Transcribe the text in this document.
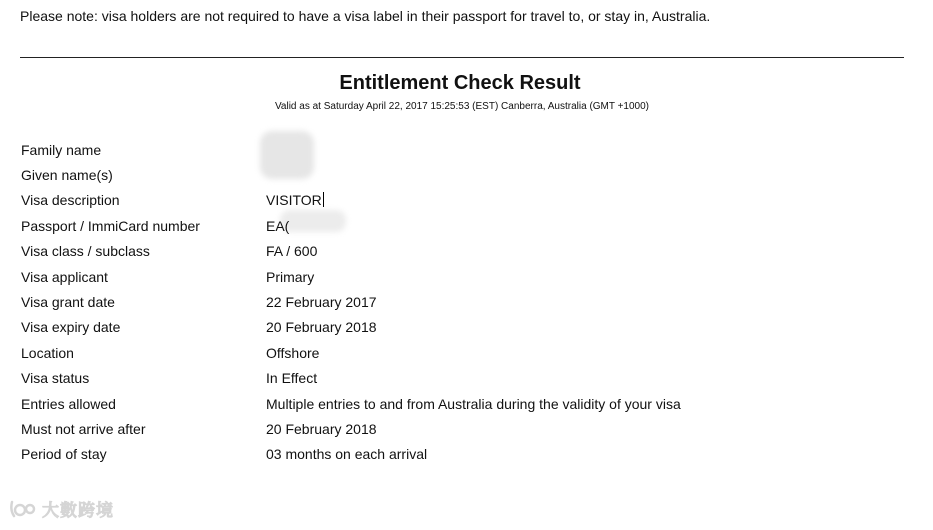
Please note: visa holders are not required to have a visa label in their passport for travel to, or stay in, Australia.
Entitlement Check Result
Valid as at Saturday April 22, 2017 15:25:53 (EST) Canberra, Australia (GMT +1000)
Family name
Given name(s)
Visa description	VISITOR
Passport / ImmiCard number	EA(
Visa class / subclass	FA / 600
Visa applicant	Primary
Visa grant date	22 February 2017
Visa expiry date	20 February 2018
Location	Offshore
Visa status	In Effect
Entries allowed	Multiple entries to and from Australia during the validity of your visa
Must not arrive after	20 February 2018
Period of stay	03 months on each arrival
大數跨境
